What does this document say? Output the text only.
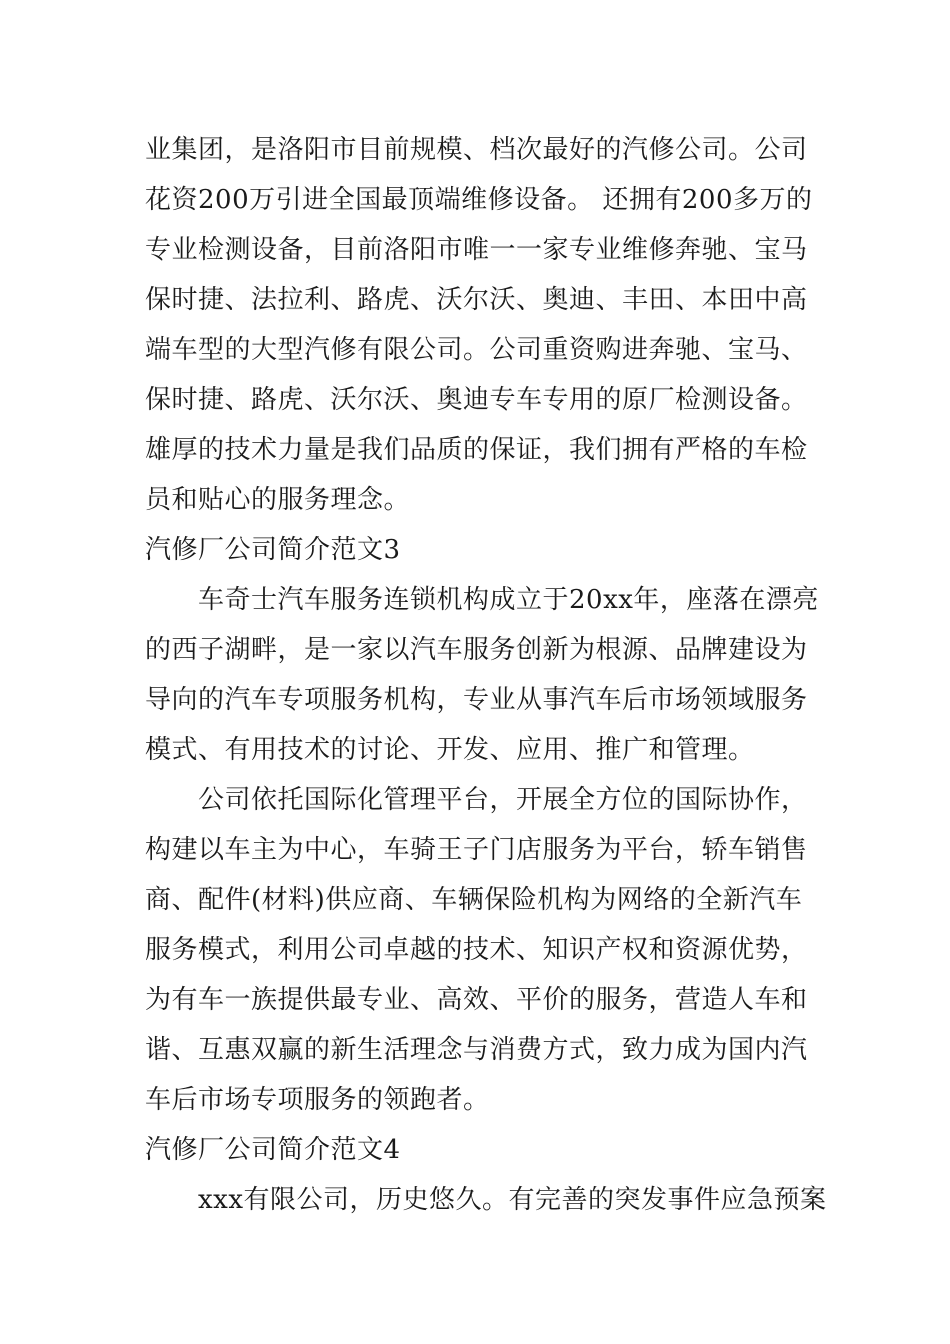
业集团，是洛阳市目前规模、档次最好的汽修公司。公司
花资200万引进全国最顶端维修设备。 还拥有200多万的
专业检测设备，目前洛阳市唯一一家专业维修奔驰、宝马
保时捷、法拉利、路虎、沃尔沃、奥迪、丰田、本田中高
端车型的大型汽修有限公司。公司重资购进奔驰、宝马、
保时捷、路虎、沃尔沃、奥迪专车专用的原厂检测设备。
雄厚的技术力量是我们品质的保证，我们拥有严格的车检
员和贴心的服务理念。
汽修厂公司简介范文3
车奇士汽车服务连锁机构成立于20xx年，座落在漂亮
的西子湖畔，是一家以汽车服务创新为根源、品牌建设为
导向的汽车专项服务机构，专业从事汽车后市场领域服务
模式、有用技术的讨论、开发、应用、推广和管理。
公司依托国际化管理平台，开展全方位的国际协作，
构建以车主为中心，车骑王子门店服务为平台，轿车销售
商、配件(材料)供应商、车辆保险机构为网络的全新汽车
服务模式，利用公司卓越的技术、知识产权和资源优势，
为有车一族提供最专业、高效、平价的服务，营造人车和
谐、互惠双赢的新生活理念与消费方式，致力成为国内汽
车后市场专项服务的领跑者。
汽修厂公司简介范文4
xxx有限公司，历史悠久。有完善的突发事件应急预案
